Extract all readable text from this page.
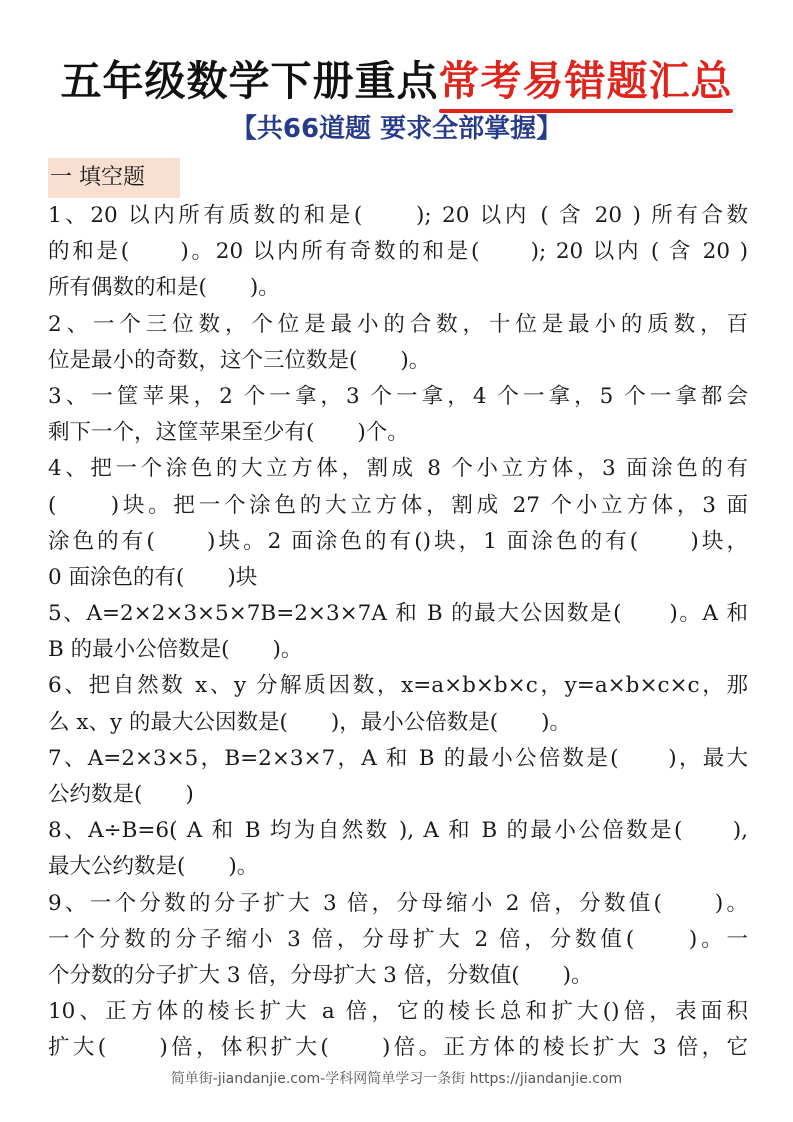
五年级数学下册重点常考易错题汇总
【共66道题 要求全部掌握】
一 填空题
1、20 以内所有质数的和是(　　); 20 以内 ( 含 20 ) 所有合数
的和是(　　)。20 以内所有奇数的和是(　　); 20 以内 ( 含 20 )
所有偶数的和是(　　)。
2、一个三位数，个位是最小的合数，十位是最小的质数，百
位是最小的奇数，这个三位数是(　　)。
3、一筐苹果，2 个一拿，3 个一拿，4 个一拿，5 个一拿都会
剩下一个，这筐苹果至少有(　　)个。
4、把一个涂色的大立方体，割成 8 个小立方体，3 面涂色的有
(　　)块。把一个涂色的大立方体，割成 27 个小立方体，3 面
涂色的有(　　)块。2 面涂色的有()块，1 面涂色的有(　　)块，
0 面涂色的有(　　)块
5、A=2×2×3×5×7B=2×3×7A 和 B 的最大公因数是(　　)。A 和
B 的最小公倍数是(　　)。
6、把自然数 x、y 分解质因数，x=a×b×b×c，y=a×b×c×c，那
么 x、y 的最大公因数是(　　)，最小公倍数是(　　)。
7、A=2×3×5，B=2×3×7，A 和 B 的最小公倍数是(　　)，最大
公约数是(　　)
8、A÷B=6( A 和 B 均为自然数 ), A 和 B 的最小公倍数是(　　),
最大公约数是(　　)。
9、一个分数的分子扩大 3 倍，分母缩小 2 倍，分数值(　　)。
一个分数的分子缩小 3 倍，分母扩大 2 倍，分数值(　　)。一
个分数的分子扩大 3 倍，分母扩大 3 倍，分数值(　　)。
10、正方体的棱长扩大 a 倍，它的棱长总和扩大()倍，表面积
扩大(　　)倍，体积扩大(　　)倍。正方体的棱长扩大 3 倍，它
简单街-jiandanjie.com-学科网简单学习一条街 https://jiandanjie.com
